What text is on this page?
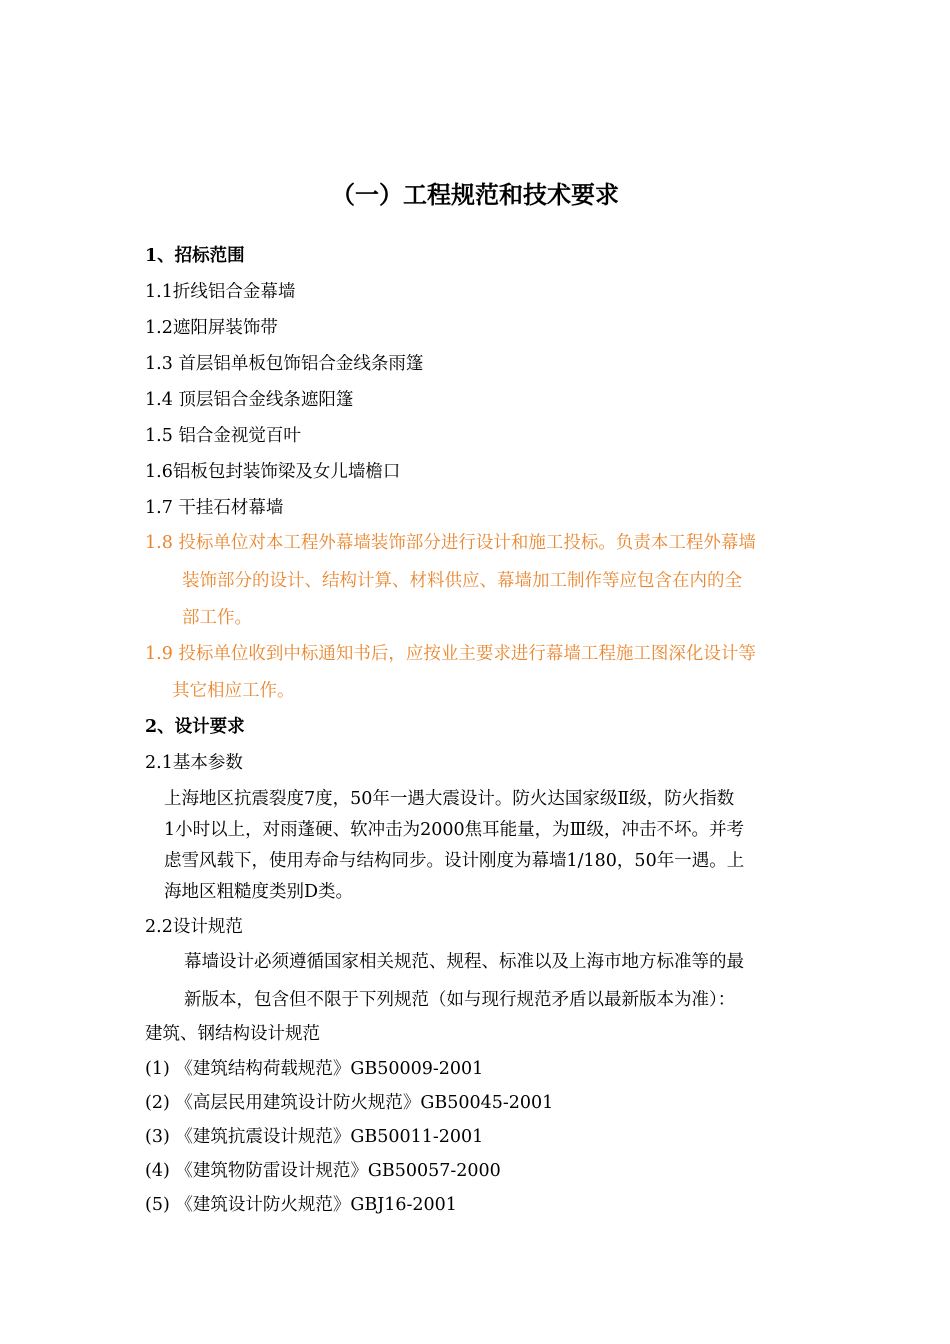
（一）工程规范和技术要求
1、招标范围
1.1折线铝合金幕墙
1.2遮阳屏装饰带
1.3 首层铝单板包饰铝合金线条雨篷
1.4 顶层铝合金线条遮阳篷
1.5 铝合金视觉百叶
1.6铝板包封装饰梁及女儿墙檐口
1.7 干挂石材幕墙
1.8 投标单位对本工程外幕墙装饰部分进行设计和施工投标。负责本工程外幕墙
装饰部分的设计、结构计算、材料供应、幕墙加工制作等应包含在内的全
部工作。
1.9 投标单位收到中标通知书后，应按业主要求进行幕墙工程施工图深化设计等
其它相应工作。
2、设计要求
2.1基本参数
上海地区抗震裂度7度，50年一遇大震设计。防火达国家级Ⅱ级，防火指数
1小时以上，对雨蓬硬、软冲击为2000焦耳能量，为Ⅲ级，冲击不坏。并考
虑雪风载下，使用寿命与结构同步。设计刚度为幕墙1/180，50年一遇。上
海地区粗糙度类别D类。
2.2设计规范
幕墙设计必须遵循国家相关规范、规程、标准以及上海市地方标准等的最
新版本，包含但不限于下列规范（如与现行规范矛盾以最新版本为准）：
建筑、钢结构设计规范
(1) 《建筑结构荷载规范》GB50009-2001
(2) 《高层民用建筑设计防火规范》GB50045-2001
(3) 《建筑抗震设计规范》GB50011-2001
(4) 《建筑物防雷设计规范》GB50057-2000
(5) 《建筑设计防火规范》GBJ16-2001
